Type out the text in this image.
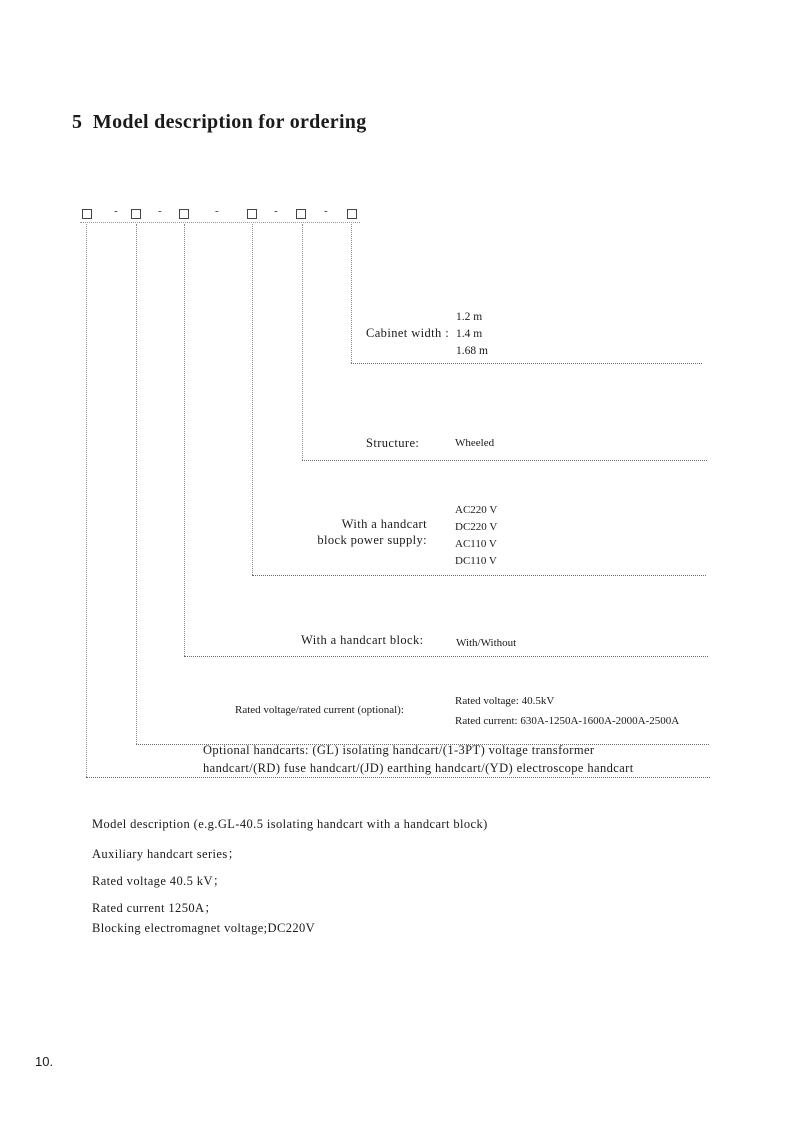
5 Model description for ordering
-	-	-	-	-
Cabinet width :
1.2 m
1.4 m
1.68 m
Structure:	Wheeled
With a handcart
block power supply:
AC220 V
DC220 V
AC110 V
DC110 V
With a handcart block:	With/Without
Rated voltage/rated current (optional):
Rated voltage: 40.5kV
Rated current: 630A-1250A-1600A-2000A-2500A
Optional handcarts: (GL) isolating handcart/(1-3PT) voltage transformer
handcart/(RD) fuse handcart/(JD) earthing handcart/(YD) electroscope handcart
Model description (e.g.GL-40.5 isolating handcart with a handcart block)
Auxiliary handcart series；
Rated voltage 40.5 kV；
Rated current 1250A；
Blocking electromagnet voltage;DC220V
10.
